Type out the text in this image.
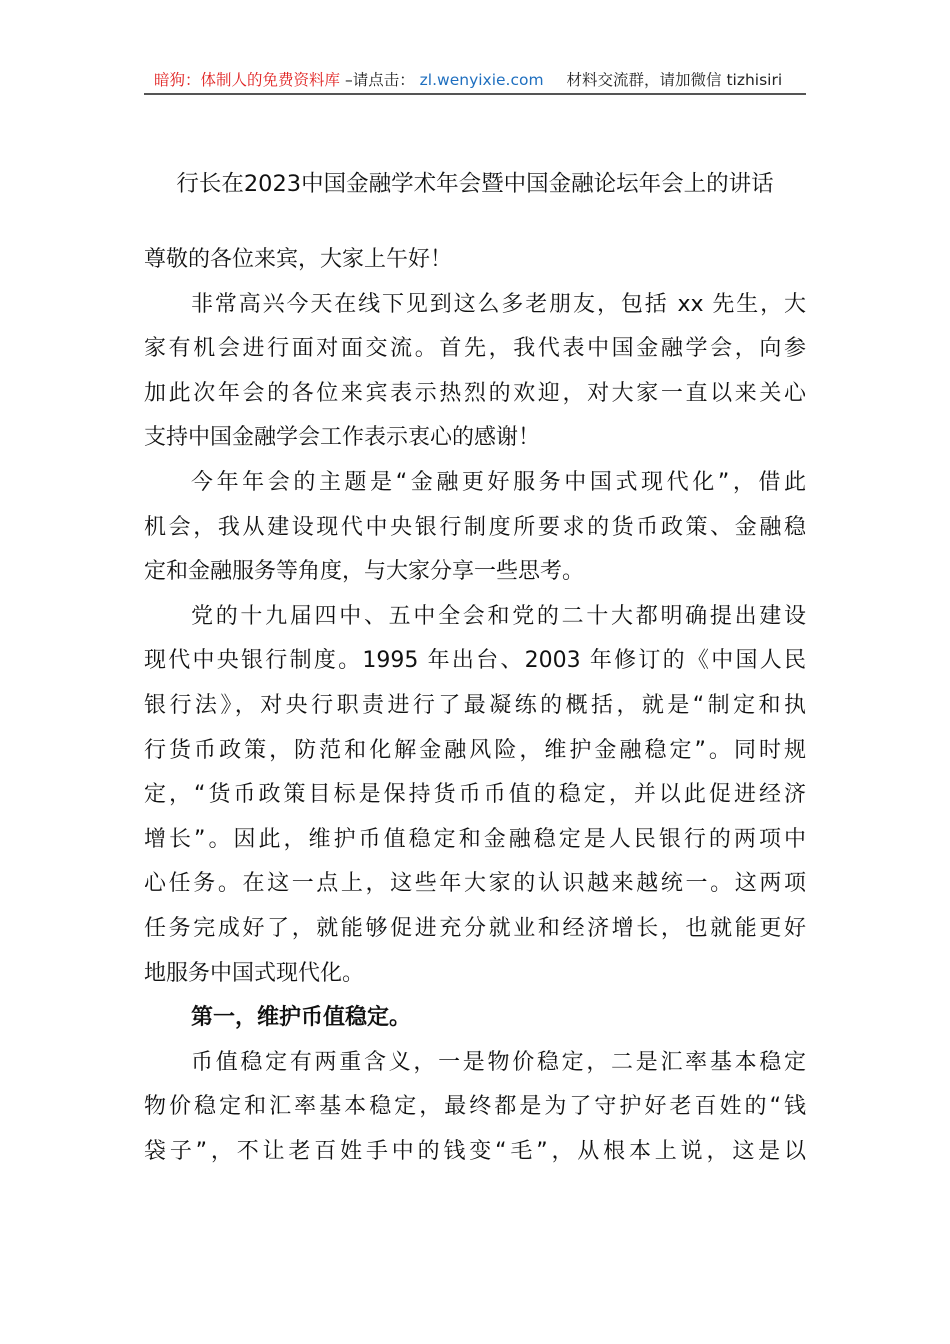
暗狗：体制人的免费资料库 –请点击： zl.wenyixie.com 材料交流群，请加微信 tizhisiri
行长在2023中国金融学术年会暨中国金融论坛年会上的讲话
尊敬的各位来宾，大家上午好！
非常高兴今天在线下见到这么多老朋友，包括 xx 先生，大
家有机会进行面对面交流。首先，我代表中国金融学会，向参
加此次年会的各位来宾表示热烈的欢迎，对大家一直以来关心
支持中国金融学会工作表示衷心的感谢！
今年年会的主题是“金融更好服务中国式现代化”，借此
机会，我从建设现代中央银行制度所要求的货币政策、金融稳
定和金融服务等角度，与大家分享一些思考。
党的十九届四中、五中全会和党的二十大都明确提出建设
现代中央银行制度。1995 年出台、2003 年修订的《中国人民
银行法》，对央行职责进行了最凝练的概括，就是“制定和执
行货币政策，防范和化解金融风险，维护金融稳定”。同时规
定，“货币政策目标是保持货币币值的稳定，并以此促进经济
增长”。因此，维护币值稳定和金融稳定是人民银行的两项中
心任务。在这一点上，这些年大家的认识越来越统一。这两项
任务完成好了，就能够促进充分就业和经济增长，也就能更好
地服务中国式现代化。
第一，维护币值稳定。
币值稳定有两重含义，一是物价稳定，二是汇率基本稳定
物价稳定和汇率基本稳定，最终都是为了守护好老百姓的“钱
袋子”，不让老百姓手中的钱变“毛”，从根本上说，这是以
